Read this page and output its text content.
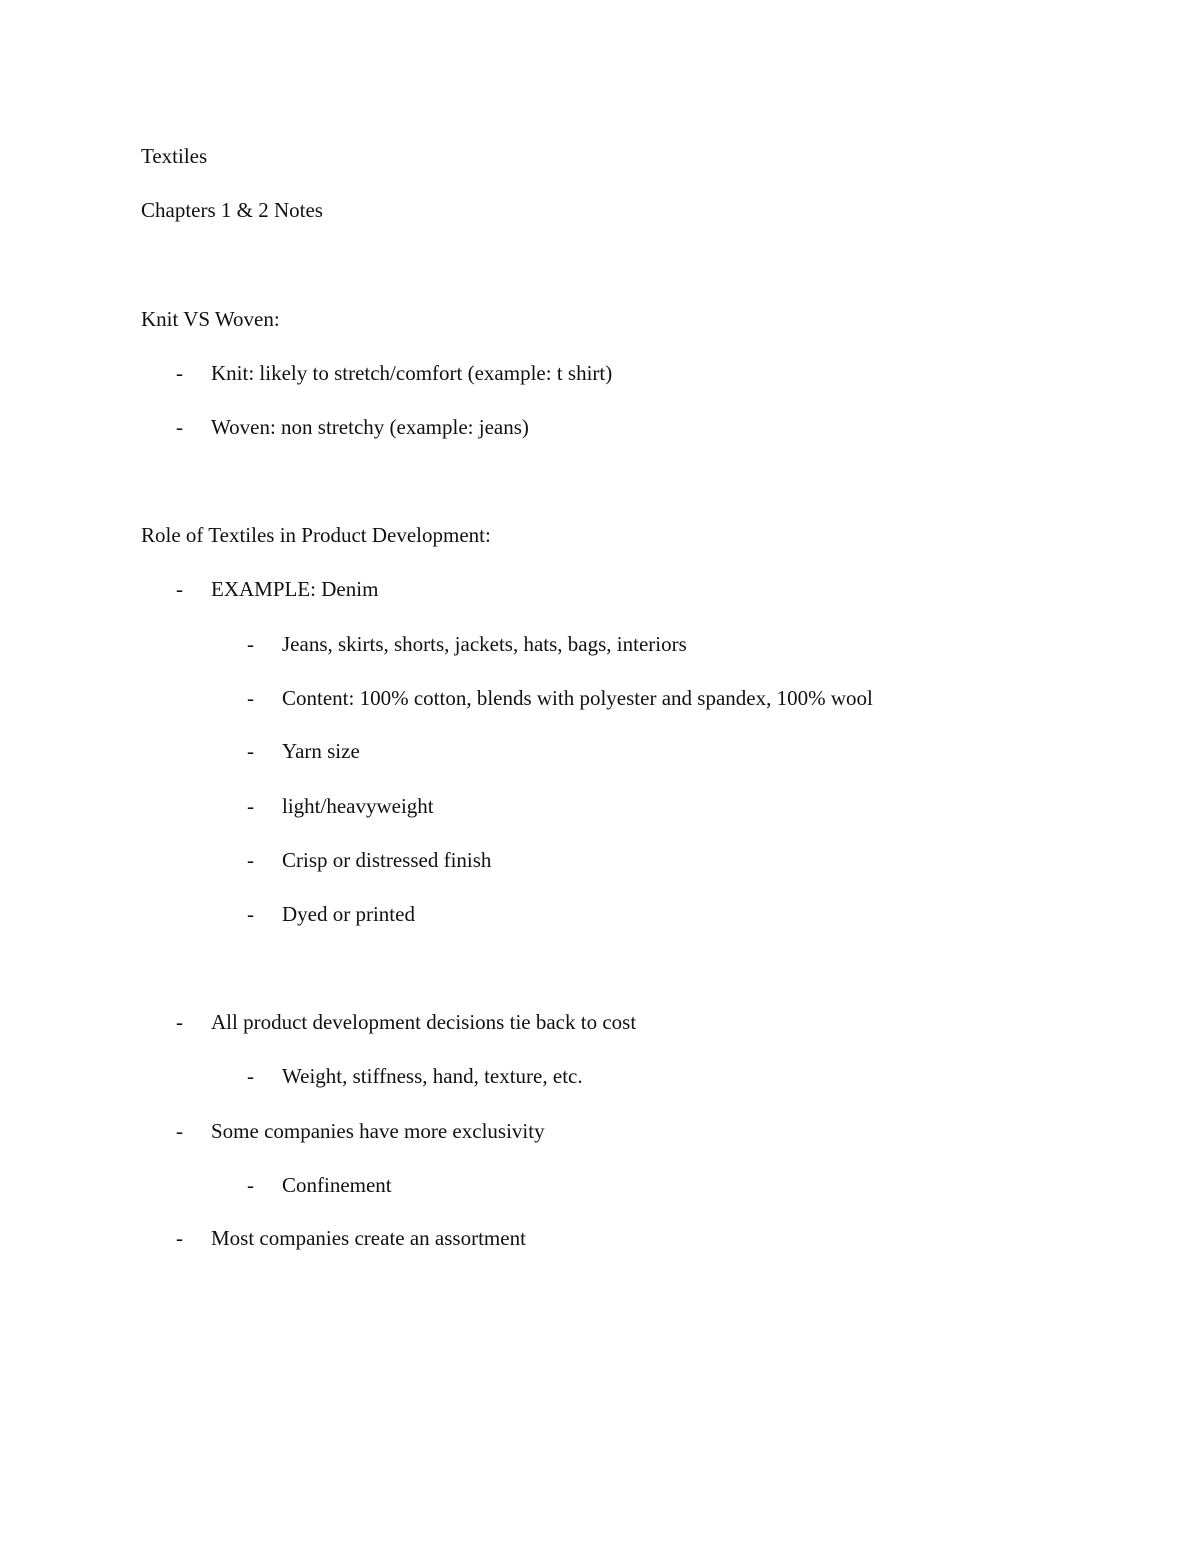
Textiles
Chapters 1 & 2 Notes
Knit VS Woven:
- Knit: likely to stretch/comfort (example: t shirt)
- Woven: non stretchy (example: jeans)
Role of Textiles in Product Development:
- EXAMPLE: Denim
- Jeans, skirts, shorts, jackets, hats, bags, interiors
- Content: 100% cotton, blends with polyester and spandex, 100% wool
- Yarn size
- light/heavyweight
- Crisp or distressed finish
- Dyed or printed
- All product development decisions tie back to cost
- Weight, stiffness, hand, texture, etc.
- Some companies have more exclusivity
- Confinement
- Most companies create an assortment
